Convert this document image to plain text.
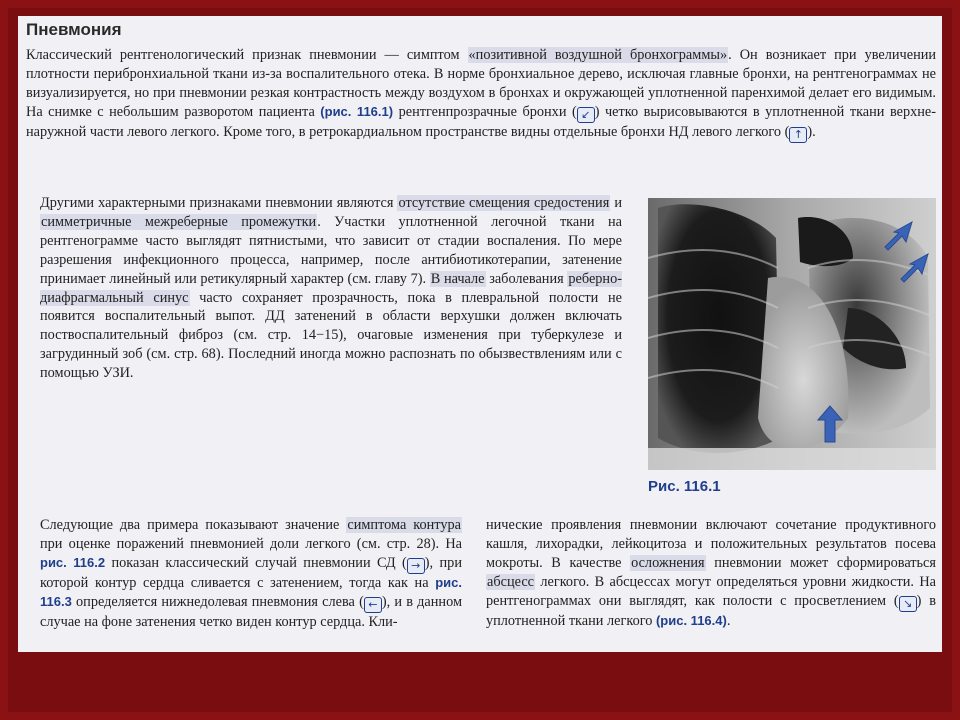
Пневмония

Классический рентгенологический признак пневмонии — симптом «позитивной воздушной бронхограммы». Он возникает при увеличении плотности перибронхиальной ткани из-за воспалительного отека. В норме бронхиальное дерево, исключая главные бронхи, на рентгенограммах не визуализируется, но при пневмонии резкая контрастность между воздухом в бронхах и окружающей уплотненной паренхимой делает его видимым. На снимке с небольшим разворотом пациента (рис. 116.1) рентгенпрозрачные бронхи ( ↙ ) четко вырисовываются в уплотненной ткани верхне-наружной части левого легкого. Кроме того, в ретрокардиальном пространстве видны отдельные бронхи НД левого легкого ( ↑ ).

Другими характерными признаками пневмонии являются отсутствие смещения средостения и симметричные межреберные промежутки. Участки уплотненной легочной ткани на рентгенограмме часто выглядят пятнистыми, что зависит от стадии воспаления. По мере разрешения инфекционного процесса, например, после антибиотикотерапии, затенение принимает линейный или ретикулярный характер (см. главу 7). В начале заболевания реберно-диафрагмальный синус часто сохраняет прозрачность, пока в плевральной полости не появится воспалительный выпот. ДД затенений в области верхушки должен включать поствоспалительный фиброз (см. стр. 14−15), очаговые изменения при туберкулезе и загрудинный зоб (см. стр. 68). Последний иногда можно распознать по обызвествлениям или с помощью УЗИ.

Рис. 116.1

Следующие два примера показывают значение симптома контура при оценке поражений пневмонией доли легкого (см. стр. 28). На рис. 116.2 показан классический случай пневмонии СД ( → ), при которой контур сердца сливается с затенением, тогда как на рис. 116.3 определяется нижнедолевая пневмония слева ( ← ), и в данном случае на фоне затенения четко виден контур сердца. Кли-

нические проявления пневмонии включают сочетание продуктивного кашля, лихорадки, лейкоцитоза и положительных результатов посева мокроты. В качестве осложнения пневмонии может сформироваться абсцесс легкого. В абсцессах могут определяться уровни жидкости. На рентгенограммах они выглядят, как полости с просветлением ( ↘ ) в уплотненной ткани легкого (рис. 116.4).
